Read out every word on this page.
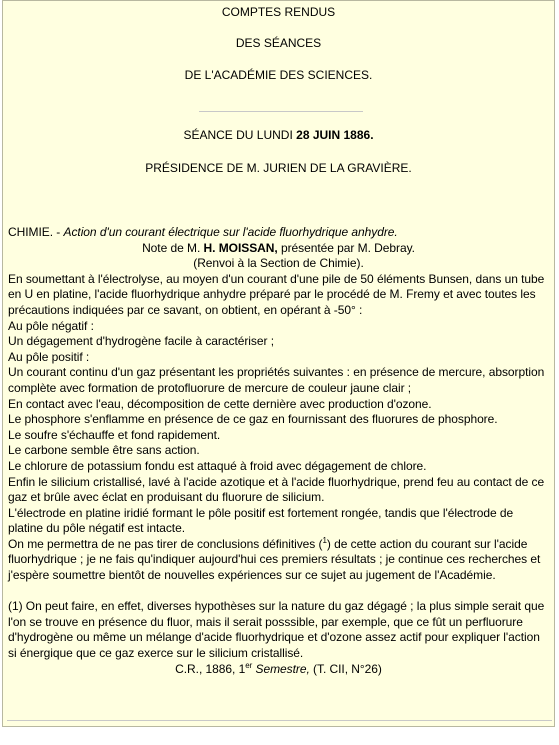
COMPTES RENDUS
DES SÉANCES
DE L'ACADÉMIE DES SCIENCES.
SÉANCE DU LUNDI 28 JUIN 1886.
PRÉSIDENCE DE M. JURIEN DE LA GRAVIÈRE.

CHIMIE. - Action d'un courant électrique sur l'acide fluorhydrique anhydre.

Note de M. H. MOISSAN, présentée par M. Debray.

(Renvoi à la Section de Chimie).

En soumettant à l'électrolyse, au moyen d'un courant d'une pile de 50 éléments Bunsen, dans un tube en U en platine, l'acide fluorhydrique anhydre préparé par le procédé de M. Fremy et avec toutes les précautions indiquées par ce savant, on obtient, en opérant à -50° :

Au pôle négatif :

Un dégagement d'hydrogène facile à caractériser ;

Au pôle positif :

Un courant continu d'un gaz présentant les propriétés suivantes : en présence de mercure, absorption complète avec formation de protofluorure de mercure de couleur jaune clair ;

En contact avec l'eau, décomposition de cette dernière avec production d'ozone.

Le phosphore s'enflamme en présence de ce gaz en fournissant des fluorures de phosphore.

Le soufre s'échauffe et fond rapidement.

Le carbone semble être sans action.

Le chlorure de potassium fondu est attaqué à froid avec dégagement de chlore.

Enfin le silicium cristallisé, lavé à l'acide azotique et à l'acide fluorhydrique, prend feu au contact de ce gaz et brûle avec éclat en produisant du fluorure de silicium.

L'électrode en platine iridié formant le pôle positif est fortement rongée, tandis que l'électrode de platine du pôle négatif est intacte.

On me permettra de ne pas tirer de conclusions définitives ($^1$) de cette action du courant sur l'acide fluorhydrique ; je ne fais qu'indiquer aujourd'hui ces premiers résultats ; je continue ces recherches et j'espère soumettre bientôt de nouvelles expériences sur ce sujet au jugement de l'Académie.

(1) On peut faire, en effet, diverses hypothèses sur la nature du gaz dégagé ; la plus simple serait que l'on se trouve en présence du fluor, mais il serait posssible, par exemple, que ce fût un perfluorure d'hydrogène ou même un mélange d'acide fluorhydrique et d'ozone assez actif pour expliquer l'action si énergique que ce gaz exerce sur le silicium cristallisé.

C.R., 1886, 1er Semestre, (T. CII, N°26)
